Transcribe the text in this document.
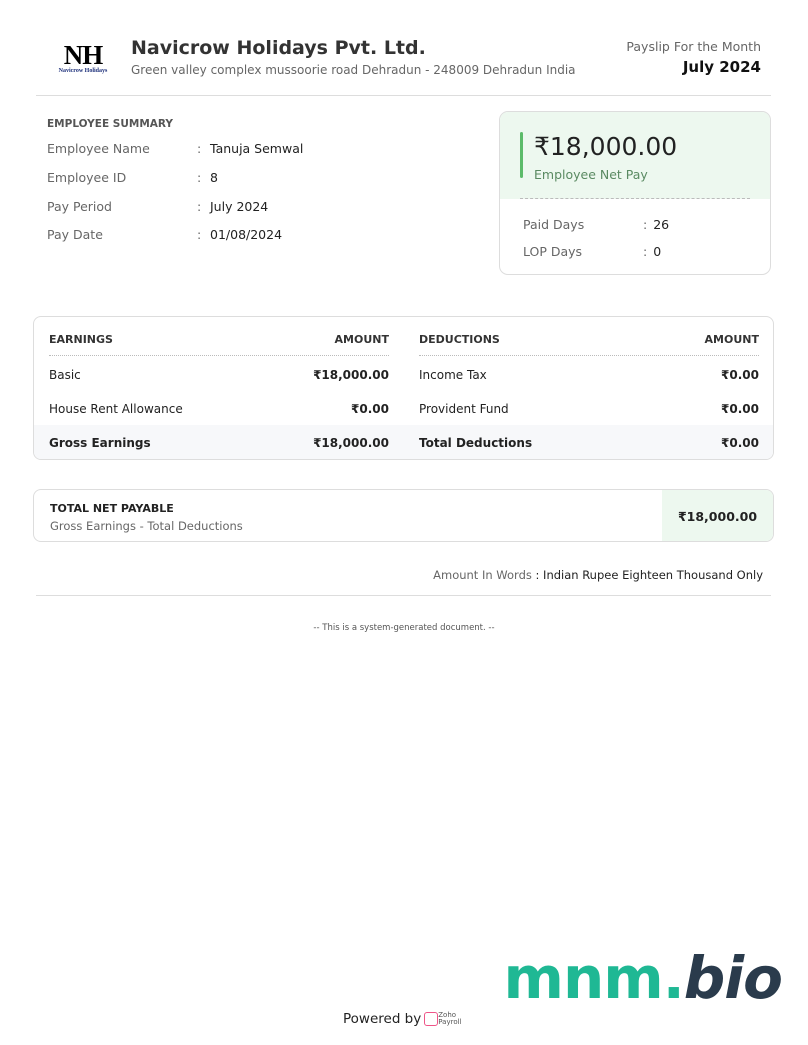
NH
Navicrow Holidays
Navicrow Holidays Pvt. Ltd.
Green valley complex mussoorie road Dehradun - 248009 Dehradun India
Payslip For the Month
July 2024
EMPLOYEE SUMMARY
Employee Name	: Tanuja Semwal
Employee ID	: 8
Pay Period	: July 2024
Pay Date	: 01/08/2024
₹18,000.00
Employee Net Pay
Paid Days	: 26
LOP Days	: 0
EARNINGS	AMOUNT
Basic	₹18,000.00
House Rent Allowance	₹0.00
Gross Earnings	₹18,000.00
DEDUCTIONS	AMOUNT
Income Tax	₹0.00
Provident Fund	₹0.00
Total Deductions	₹0.00
TOTAL NET PAYABLE
Gross Earnings - Total Deductions
₹18,000.00
Amount In Words : Indian Rupee Eighteen Thousand Only
-- This is a system-generated document. --
mnm.bio
Powered by Zoho
Payroll
